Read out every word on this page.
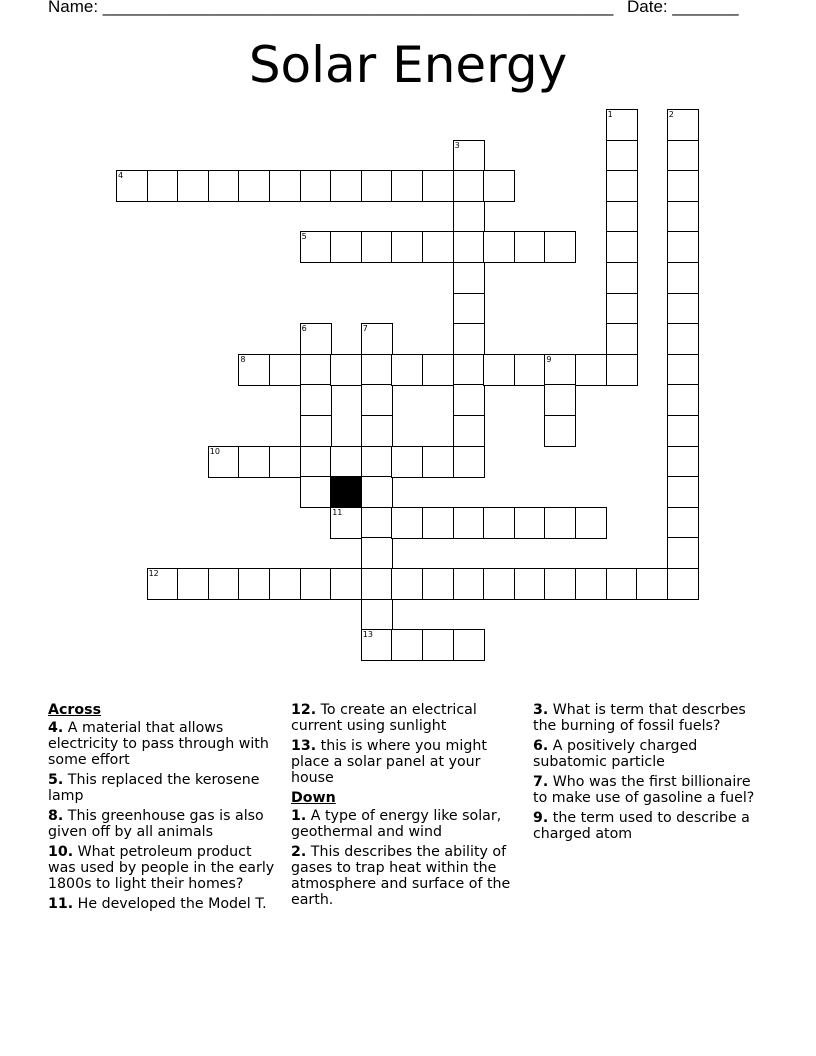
Name: ______________________________________________________ Date: _______
Solar Energy
1	2
3
4
5
6	7
8	9
10
11
12
13
Across
4. A material that allows electricity to pass through with some effort
5. This replaced the kerosene lamp
8. This greenhouse gas is also given off by all animals
10. What petroleum product was used by people in the early 1800s to light their homes?
11. He developed the Model T.
12. To create an electrical current using sunlight
13. this is where you might place a solar panel at your house
Down
1. A type of energy like solar, geothermal and wind
2. This describes the ability of gases to trap heat within the atmosphere and surface of the earth.
3. What is term that descrbes the burning of fossil fuels?
6. A positively charged subatomic particle
7. Who was the first billionaire to make use of gasoline a fuel?
9. the term used to describe a charged atom
